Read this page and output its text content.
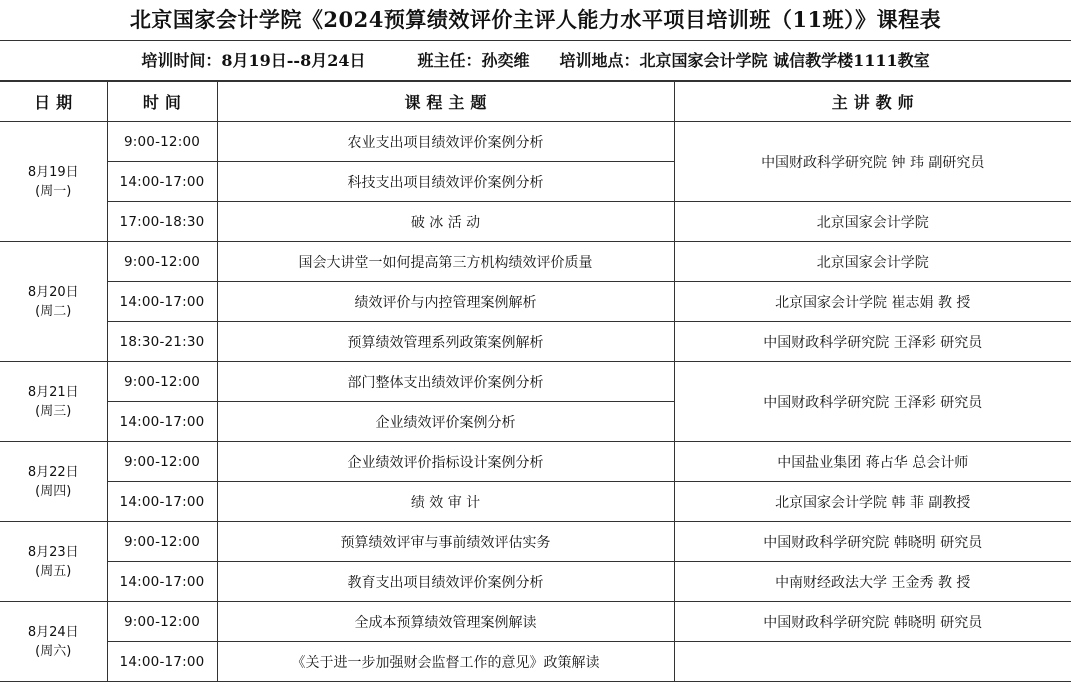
北京国家会计学院《2024预算绩效评价主评人能力水平项目培训班（11班）》课程表
培训时间：8月19日--8月24日	班主任：孙奕维 培训地点：北京国家会计学院 诚信教学楼1111教室
日 期	时 间	课 程 主 题	主 讲 教 师

8月19日
(周一)	9:00-12:00	农业支出项目绩效评价案例分析	中国财政科学研究院 钟 玮 副研究员
	14:00-17:00	科技支出项目绩效评价案例分析	
	17:00-18:30	破 冰 活 动	北京国家会计学院

8月20日
(周二)	9:00-12:00	国会大讲堂一如何提高第三方机构绩效评价质量	北京国家会计学院
	14:00-17:00	绩效评价与内控管理案例解析	北京国家会计学院 崔志娟 教 授
	18:30-21:30	预算绩效管理系列政策案例解析	中国财政科学研究院 王泽彩 研究员

8月21日
(周三)	9:00-12:00	部门整体支出绩效评价案例分析	中国财政科学研究院 王泽彩 研究员
	14:00-17:00	企业绩效评价案例分析	

8月22日
(周四)	9:00-12:00	企业绩效评价指标设计案例分析	中国盐业集团 蒋占华 总会计师
	14:00-17:00	绩 效 审 计	北京国家会计学院 韩 菲 副教授

8月23日
(周五)	9:00-12:00	预算绩效评审与事前绩效评估实务	中国财政科学研究院 韩晓明 研究员
	14:00-17:00	教育支出项目绩效评价案例分析	中南财经政法大学 王金秀 教 授

8月24日
(周六)	9:00-12:00	全成本预算绩效管理案例解读	中国财政科学研究院 韩晓明 研究员
	14:00-17:00	《关于进一步加强财会监督工作的意见》政策解读	
